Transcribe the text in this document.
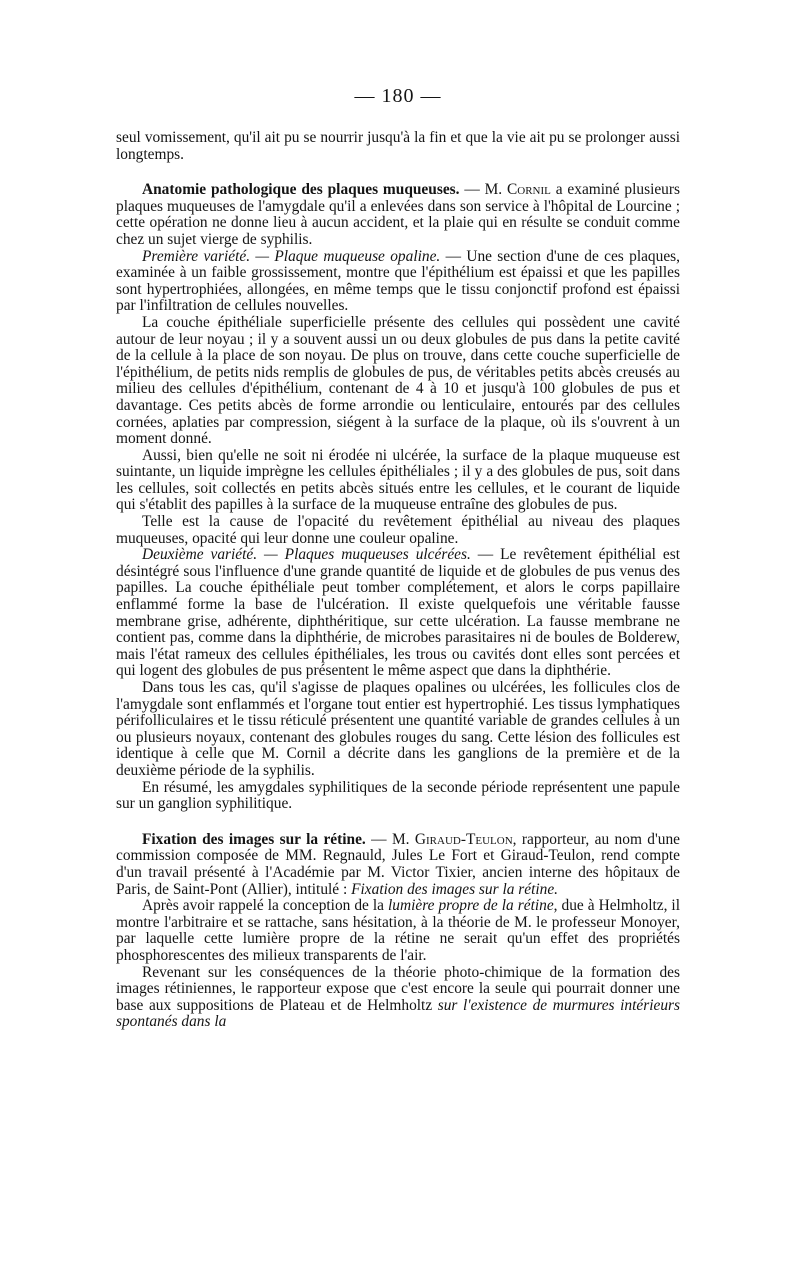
— 180 —

seul vomissement, qu'il ait pu se nourrir jusqu'à la fin et que la vie ait pu se prolonger aussi longtemps.

Anatomie pathologique des plaques muqueuses. — M. Cornil a examiné plusieurs plaques muqueuses de l'amygdale qu'il a enlevées dans son service à l'hôpital de Lourcine ; cette opération ne donne lieu à aucun accident, et la plaie qui en résulte se conduit comme chez un sujet vierge de syphilis.

Première variété. — Plaque muqueuse opaline. — Une section d'une de ces plaques, examinée à un faible grossissement, montre que l'épithélium est épaissi et que les papilles sont hypertrophiées, allongées, en même temps que le tissu conjonctif profond est épaissi par l'infiltration de cellules nouvelles.

La couche épithéliale superficielle présente des cellules qui possèdent une cavité autour de leur noyau ; il y a souvent aussi un ou deux globules de pus dans la petite cavité de la cellule à la place de son noyau. De plus on trouve, dans cette couche superficielle de l'épithélium, de petits nids remplis de globules de pus, de véritables petits abcès creusés au milieu des cellules d'épithélium, contenant de 4 à 10 et jusqu'à 100 globules de pus et davantage. Ces petits abcès de forme arrondie ou lenticulaire, entourés par des cellules cornées, aplaties par compression, siégent à la surface de la plaque, où ils s'ouvrent à un moment donné.

Aussi, bien qu'elle ne soit ni érodée ni ulcérée, la surface de la plaque muqueuse est suintante, un liquide imprègne les cellules épithéliales ; il y a des globules de pus, soit dans les cellules, soit collectés en petits abcès situés entre les cellules, et le courant de liquide qui s'établit des papilles à la surface de la muqueuse entraîne des globules de pus.

Telle est la cause de l'opacité du revêtement épithélial au niveau des plaques muqueuses, opacité qui leur donne une couleur opaline.

Deuxième variété. — Plaques muqueuses ulcérées. — Le revêtement épithélial est désintégré sous l'influence d'une grande quantité de liquide et de globules de pus venus des papilles. La couche épithéliale peut tomber complétement, et alors le corps papillaire enflammé forme la base de l'ulcération. Il existe quelquefois une véritable fausse membrane grise, adhérente, diphthéritique, sur cette ulcération. La fausse membrane ne contient pas, comme dans la diphthérie, de microbes parasitaires ni de boules de Bolderew, mais l'état rameux des cellules épithéliales, les trous ou cavités dont elles sont percées et qui logent des globules de pus présentent le même aspect que dans la diphthérie.

Dans tous les cas, qu'il s'agisse de plaques opalines ou ulcérées, les follicules clos de l'amygdale sont enflammés et l'organe tout entier est hypertrophié. Les tissus lymphatiques périfolliculaires et le tissu réticulé présentent une quantité variable de grandes cellules à un ou plusieurs noyaux, contenant des globules rouges du sang. Cette lésion des follicules est identique à celle que M. Cornil a décrite dans les ganglions de la première et de la deuxième période de la syphilis.

En résumé, les amygdales syphilitiques de la seconde période représentent une papule sur un ganglion syphilitique.

Fixation des images sur la rétine. — M. Giraud-Teulon, rapporteur, au nom d'une commission composée de MM. Regnauld, Jules Le Fort et Giraud-Teulon, rend compte d'un travail présenté à l'Académie par M. Victor Tixier, ancien interne des hôpitaux de Paris, de Saint-Pont (Allier), intitulé : Fixation des images sur la rétine.

Après avoir rappelé la conception de la lumière propre de la rétine, due à Helmholtz, il montre l'arbitraire et se rattache, sans hésitation, à la théorie de M. le professeur Monoyer, par laquelle cette lumière propre de la rétine ne serait qu'un effet des propriétés phosphorescentes des milieux transparents de l'air.

Revenant sur les conséquences de la théorie photo-chimique de la formation des images rétiniennes, le rapporteur expose que c'est encore la seule qui pourrait donner une base aux suppositions de Plateau et de Helmholtz sur l'existence de murmures intérieurs spontanés dans la
